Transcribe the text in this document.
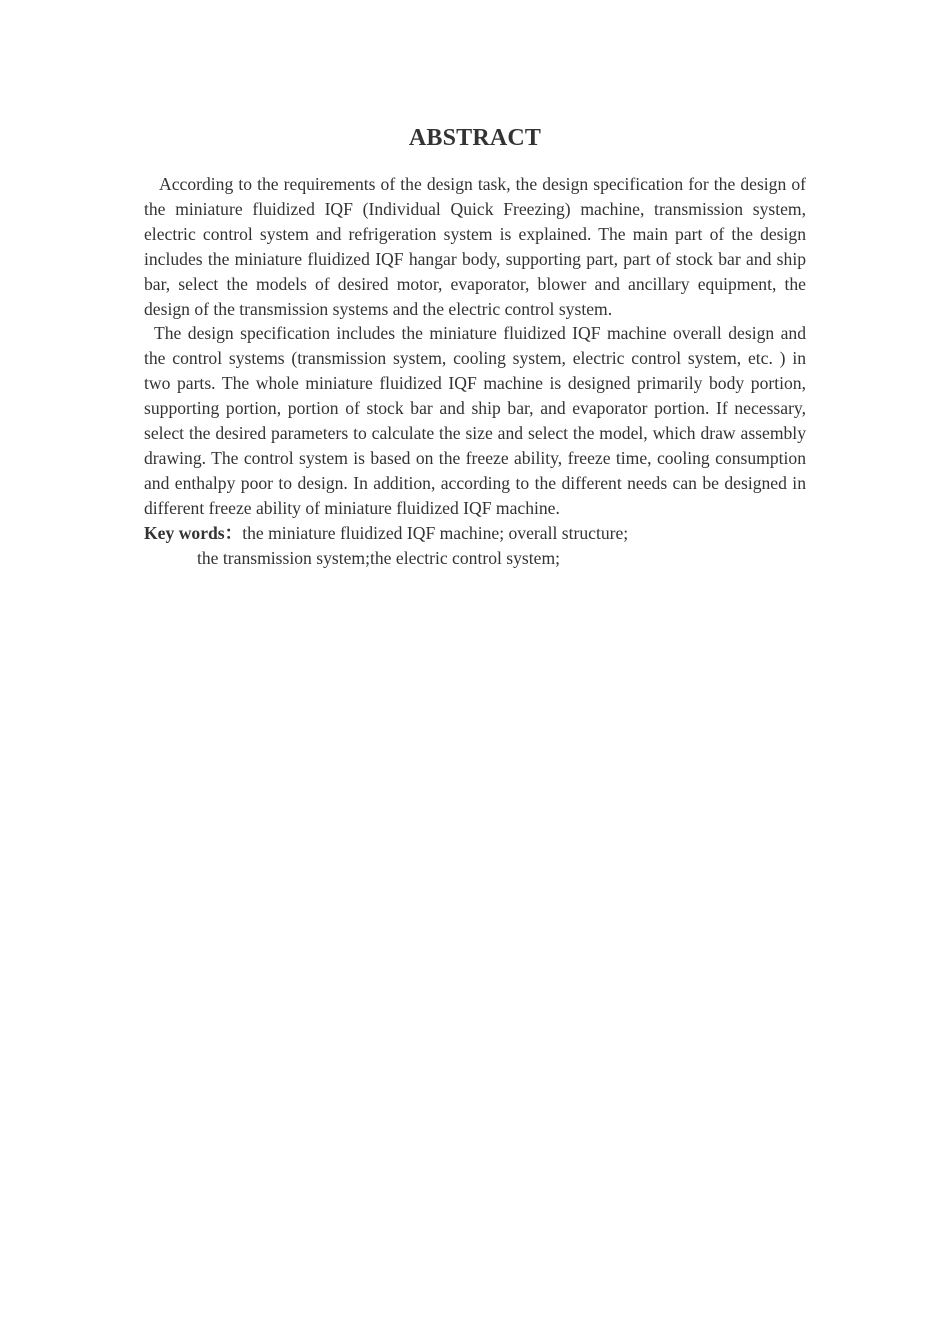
ABSTRACT

According to the requirements of the design task, the design specification for the design of the miniature fluidized IQF (Individual Quick Freezing) machine, transmission system, electric control system and refrigeration system is explained. The main part of the design includes the miniature fluidized IQF hangar body, supporting part, part of stock bar and ship bar, select the models of desired motor, evaporator, blower and ancillary equipment, the design of the transmission systems and the electric control system.

The design specification includes the miniature fluidized IQF machine overall design and the control systems (transmission system, cooling system, electric control system, etc. ) in two parts. The whole miniature fluidized IQF machine is designed primarily body portion, supporting portion, portion of stock bar and ship bar, and evaporator portion. If necessary, select the desired parameters to calculate the size and select the model, which draw assembly drawing. The control system is based on the freeze ability, freeze time, cooling consumption and enthalpy poor to design. In addition, according to the different needs can be designed in different freeze ability of miniature fluidized IQF machine.

Key words：the miniature fluidized IQF machine; overall structure;

the transmission system;the electric control system;
